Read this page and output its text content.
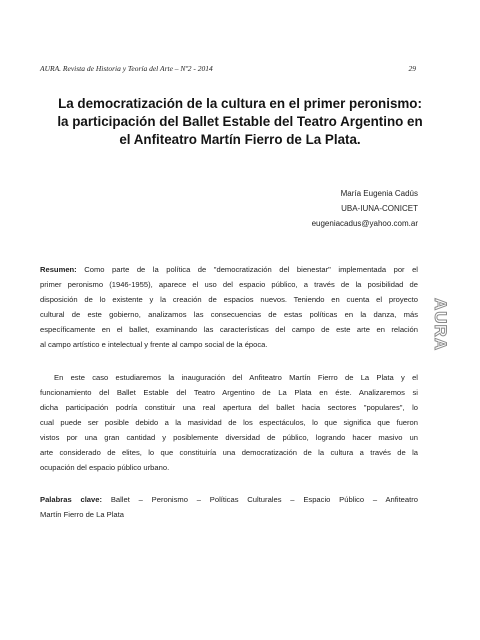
AURA. Revista de Historia y Teoría del Arte – Nº2 - 2014	29
La democratización de la cultura en el primer peronismo:
la participación del Ballet Estable del Teatro Argentino en
el Anfiteatro Martín Fierro de La Plata.
María Eugenia Cadús
UBA-IUNA-CONICET
eugeniacadus@yahoo.com.ar
Resumen: Como parte de la política de "democratización del bienestar" implementada por el
primer peronismo (1946-1955), aparece el uso del espacio público, a través de la posibilidad de
disposición de lo existente y la creación de espacios nuevos. Teniendo en cuenta el proyecto
cultural de este gobierno, analizamos las consecuencias de estas políticas en la danza, más
específicamente en el ballet, examinando las características del campo de este arte en relación
al campo artístico e intelectual y frente al campo social de la época.
En este caso estudiaremos la inauguración del Anfiteatro Martín Fierro de La Plata y el
funcionamiento del Ballet Estable del Teatro Argentino de La Plata en éste. Analizaremos si
dicha participación podría constituir una real apertura del ballet hacia sectores "populares", lo
cual puede ser posible debido a la masividad de los espectáculos, lo que significa que fueron
vistos por una gran cantidad y posiblemente diversidad de público, logrando hacer masivo un
arte considerado de elites, lo que constituiría una democratización de la cultura a través de la
ocupación del espacio público urbano.
Palabras clave: Ballet – Peronismo – Políticas Culturales – Espacio Público – Anfiteatro
Martín Fierro de La Plata
AURA
